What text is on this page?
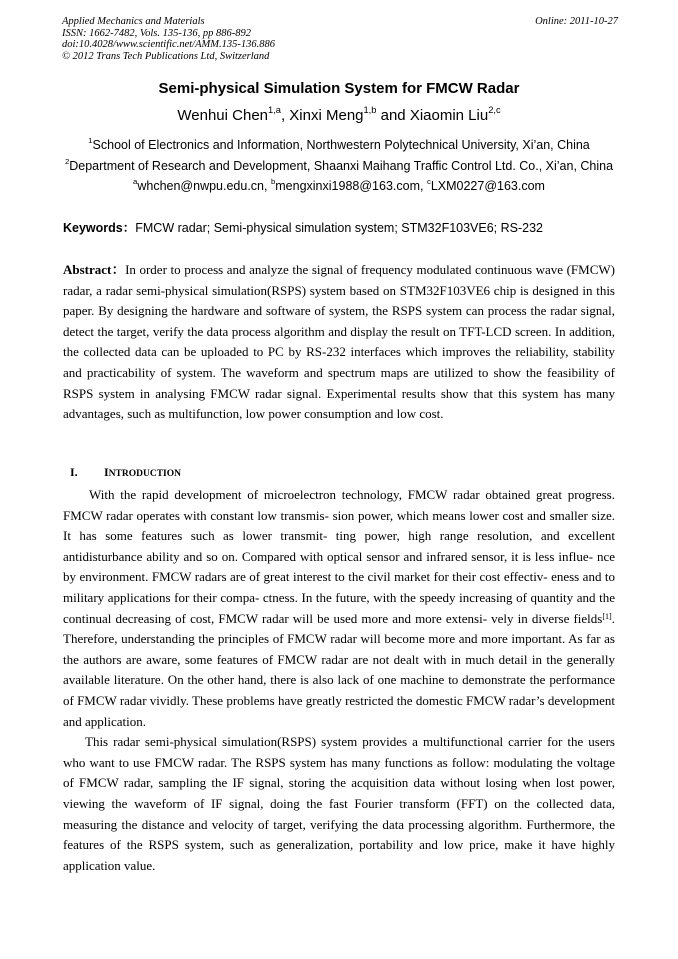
Applied Mechanics and Materials
ISSN: 1662-7482, Vols. 135-136, pp 886-892
doi:10.4028/www.scientific.net/AMM.135-136.886
© 2012 Trans Tech Publications Ltd, Switzerland
Online: 2011-10-27
Semi-physical Simulation System for FMCW Radar
Wenhui Chen$^{1,a}$, Xinxi Meng$^{1,b}$ and Xiaomin Liu$^{2,c}$
$^1$School of Electronics and Information, Northwestern Polytechnical University, Xi’an, China
$^2$Department of Research and Development, Shaanxi Maihang Traffic Control Ltd. Co., Xi’an, China
$^a$whchen@nwpu.edu.cn, $^b$mengxinxi1988@163.com, $^c$LXM0227@163.com
Keywords：FMCW radar; Semi-physical simulation system; STM32F103VE6; RS-232

Abstract：In order to process and analyze the signal of frequency modulated continuous wave (FMCW) radar, a radar semi-physical simulation(RSPS) system based on STM32F103VE6 chip is designed in this paper. By designing the hardware and software of system, the RSPS system can process the radar signal, detect the target, verify the data process algorithm and display the result on TFT-LCD screen. In addition, the collected data can be uploaded to PC by RS-232 interfaces which improves the reliability, stability and practicability of system. The waveform and spectrum maps are utilized to show the feasibility of RSPS system in analysing FMCW radar signal. Experimental results show that this system has many advantages, such as multifunction, low power consumption and low cost.

I. INTRODUCTION

With the rapid development of microelectron technology, FMCW radar obtained great progress. FMCW radar operates with constant low transmis- sion power, which means lower cost and smaller size. It has some features such as lower transmit- ting power, high range resolution, and excellent antidisturbance ability and so on. Compared with optical sensor and infrared sensor, it is less influe- nce by environment. FMCW radars are of great interest to the civil market for their cost effectiv- eness and to military applications for their compa- ctness. In the future, with the speedy increasing of quantity and the continual decreasing of cost, FMCW radar will be used more and more extensi- vely in diverse fields[1]. Therefore, understanding the principles of FMCW radar will become more and more important. As far as the authors are aware, some features of FMCW radar are not dealt with in much detail in the generally available literature. On the other hand, there is also lack of one machine to demonstrate the performance of FMCW radar vividly. These problems have greatly restricted the domestic FMCW radar’s development and application.

This radar semi-physical simulation(RSPS) system provides a multifunctional carrier for the users who want to use FMCW radar. The RSPS system has many functions as follow: modulating the voltage of FMCW radar, sampling the IF signal, storing the acquisition data without losing when lost power, viewing the waveform of IF signal, doing the fast Fourier transform (FFT) on the collected data, measuring the distance and velocity of target, verifying the data processing algorithm. Furthermore, the features of the RSPS system, such as generalization, portability and low price, make it have highly application value.
